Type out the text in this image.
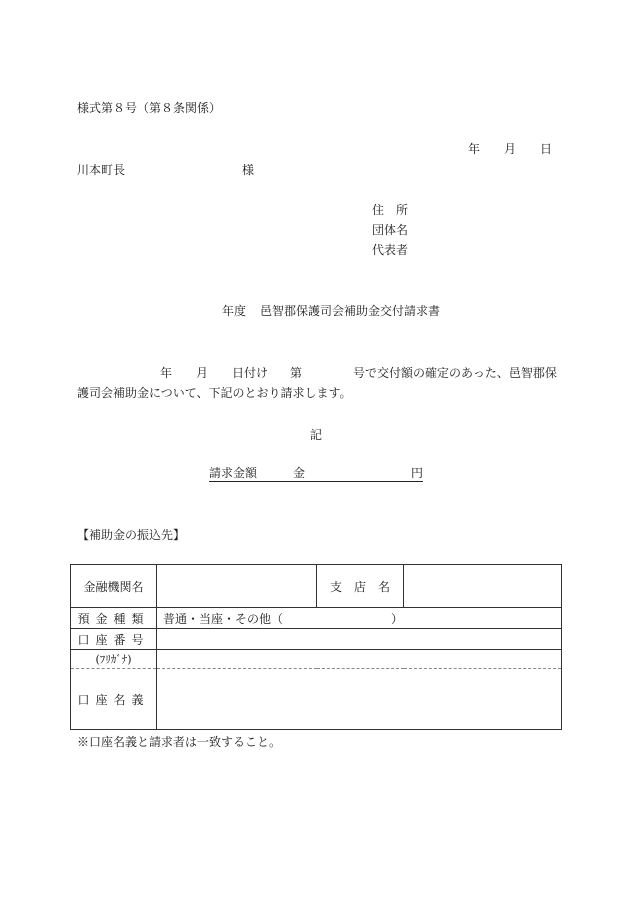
様式第８号（第８条関係）
年 月 日
川本町長	様
住　所
団体名
代表者
年度 邑智郡保護司会補助金交付請求書
年 月 日付け 第	号で交付額の確定のあった、邑智郡保
護司会補助金について、下記のとおり請求します。
記
請求金額	金	円
【補助金の振込先】
金融機関名		支　店　名	
預金種類	普通・当座・その他（　　　　　　　　　）		
口座番号			
(ﾌﾘｶﾞﾅ)			
口座名義			
※口座名義と請求者は一致すること。
